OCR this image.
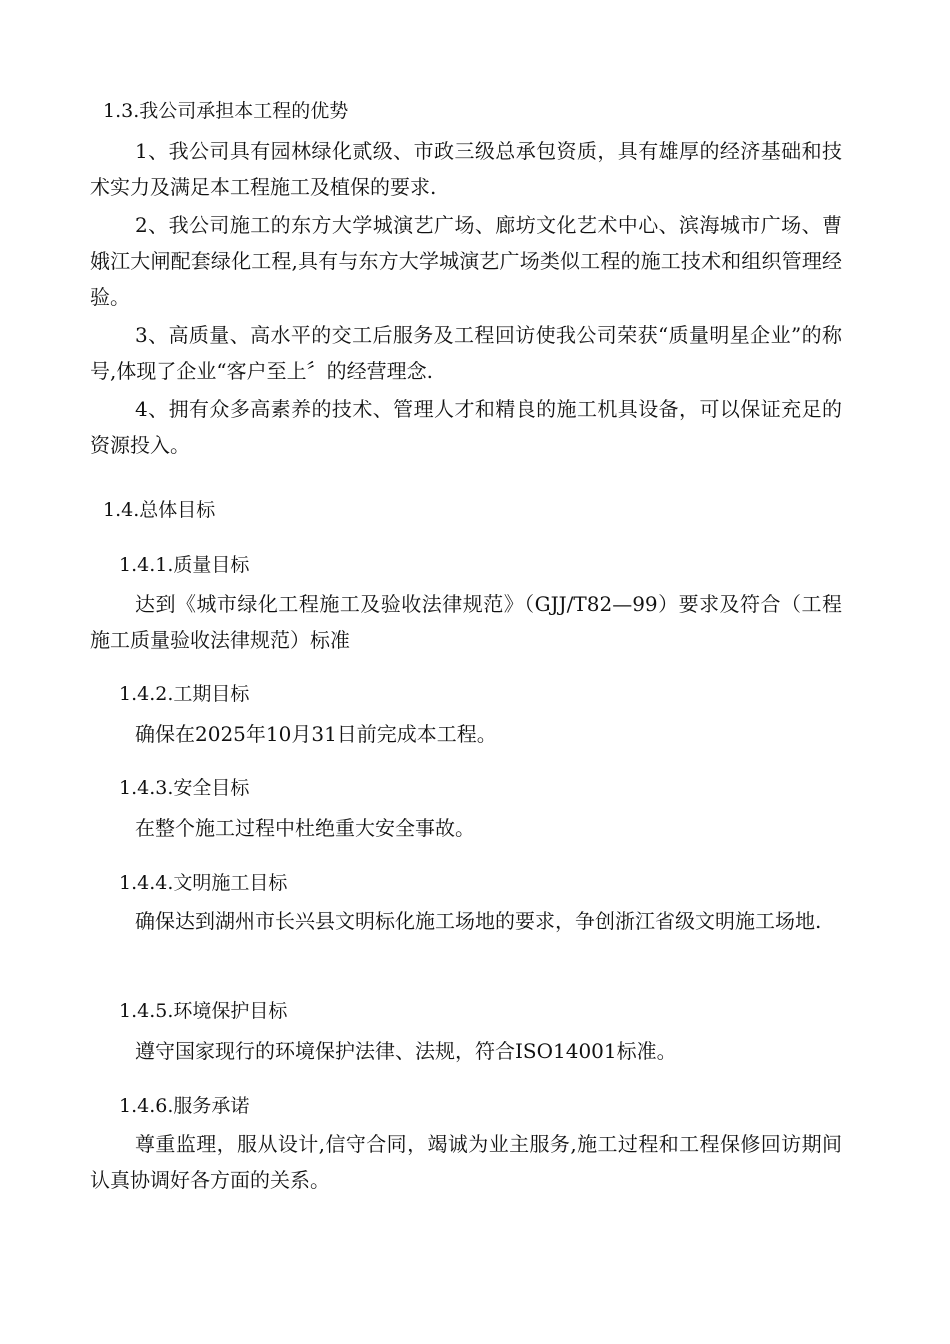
1.3.我公司承担本工程的优势
1、我公司具有园林绿化贰级、市政三级总承包资质，具有雄厚的经济基础和技术实力及满足本工程施工及植保的要求.
2、我公司施工的东方大学城演艺广场、廊坊文化艺术中心、滨海城市广场、曹娥江大闸配套绿化工程,具有与东方大学城演艺广场类似工程的施工技术和组织管理经验。
3、高质量、高水平的交工后服务及工程回访使我公司荣获“质量明星企业”的称号,体现了企业“客户至上〞的经营理念.
4、拥有众多高素养的技术、管理人才和精良的施工机具设备，可以保证充足的资源投入。
1.4.总体目标
1.4.1.质量目标
达到《城市绿化工程施工及验收法律规范》（GJJ/T82—99）要求及符合（工程施工质量验收法律规范）标准
1.4.2.工期目标
确保在2025年10月31日前完成本工程。
1.4.3.安全目标
在整个施工过程中杜绝重大安全事故。
1.4.4.文明施工目标
确保达到湖州市长兴县文明标化施工场地的要求，争创浙江省级文明施工场地.
1.4.5.环境保护目标
遵守国家现行的环境保护法律、法规，符合ISO14001标准。
1.4.6.服务承诺
尊重监理，服从设计,信守合同，竭诚为业主服务,施工过程和工程保修回访期间认真协调好各方面的关系。
